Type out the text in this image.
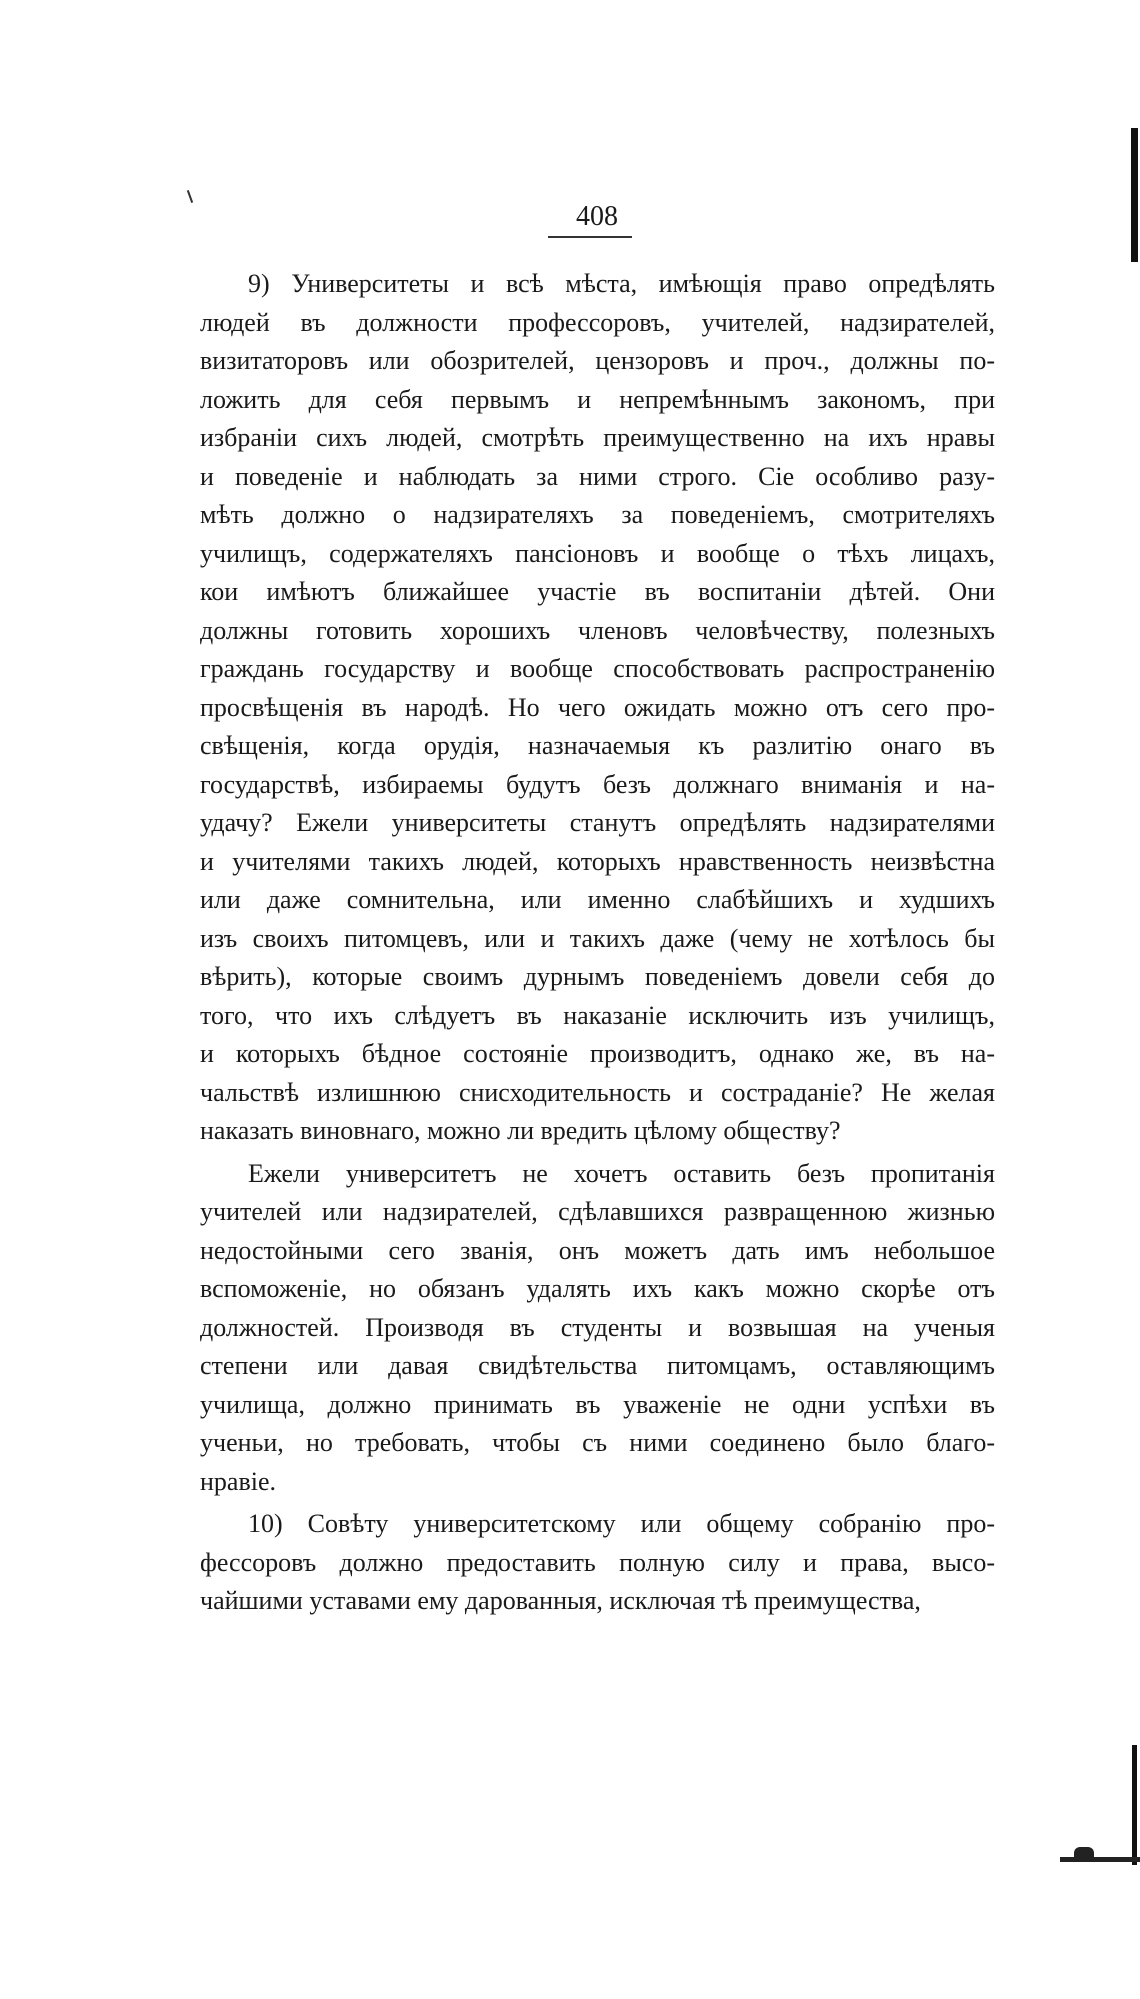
408
9) Университеты и всѣ мѣста, имѣющія право опредѣлять
людей въ должности профессоровъ, учителей, надзирателей,
визитаторовъ или обозрителей, цензоровъ и проч., должны по-
ложить для себя первымъ и непремѣннымъ закономъ, при
избраніи сихъ людей, смотрѣть преимущественно на ихъ нравы
и поведеніе и наблюдать за ними строго. Сіе особливо разу-
мѣть должно о надзирателяхъ за поведеніемъ, смотрителяхъ
училищъ, содержателяхъ пансіоновъ и вообще о тѣхъ лицахъ,
кои имѣютъ ближайшее участіе въ воспитаніи дѣтей. Они
должны готовить хорошихъ членовъ человѣчеству, полезныхъ
граждань государству и вообще способствовать распространенію
просвѣщенія въ народѣ. Но чего ожидать можно отъ сего про-
свѣщенія, когда орудія, назначаемыя къ разлитію онаго въ
государствѣ, избираемы будутъ безъ должнаго вниманія и на-
удачу? Ежели университеты станутъ опредѣлять надзирателями
и учителями такихъ людей, которыхъ нравственность неизвѣстна
или даже сомнительна, или именно слабѣйшихъ и худшихъ
изъ своихъ питомцевъ, или и такихъ даже (чему не хотѣлось бы
вѣрить), которые своимъ дурнымъ поведеніемъ довели себя до
того, что ихъ слѣдуетъ въ наказаніе исключить изъ училищъ,
и которыхъ бѣдное состояніе производитъ, однако же, въ на-
чальствѣ излишнюю снисходительность и состраданіе? Не желая
наказать виновнаго, можно ли вредить цѣлому обществу?
Ежели университетъ не хочетъ оставить безъ пропитанія
учителей или надзирателей, сдѣлавшихся развращенною жизнью
недостойными сего званія, онъ можетъ дать имъ небольшое
вспоможеніе, но обязанъ удалять ихъ какъ можно скорѣе отъ
должностей. Производя въ студенты и возвышая на ученыя
степени или давая свидѣтельства питомцамъ, оставляющимъ
училища, должно принимать въ уваженіе не одни успѣхи въ
ученьи, но требовать, чтобы съ ними соединено было благо-
нравіе.
10) Совѣту университетскому или общему собранію про-
фессоровъ должно предоставить полную силу и права, высо-
чайшими уставами ему дарованныя, исключая тѣ преимущества,
